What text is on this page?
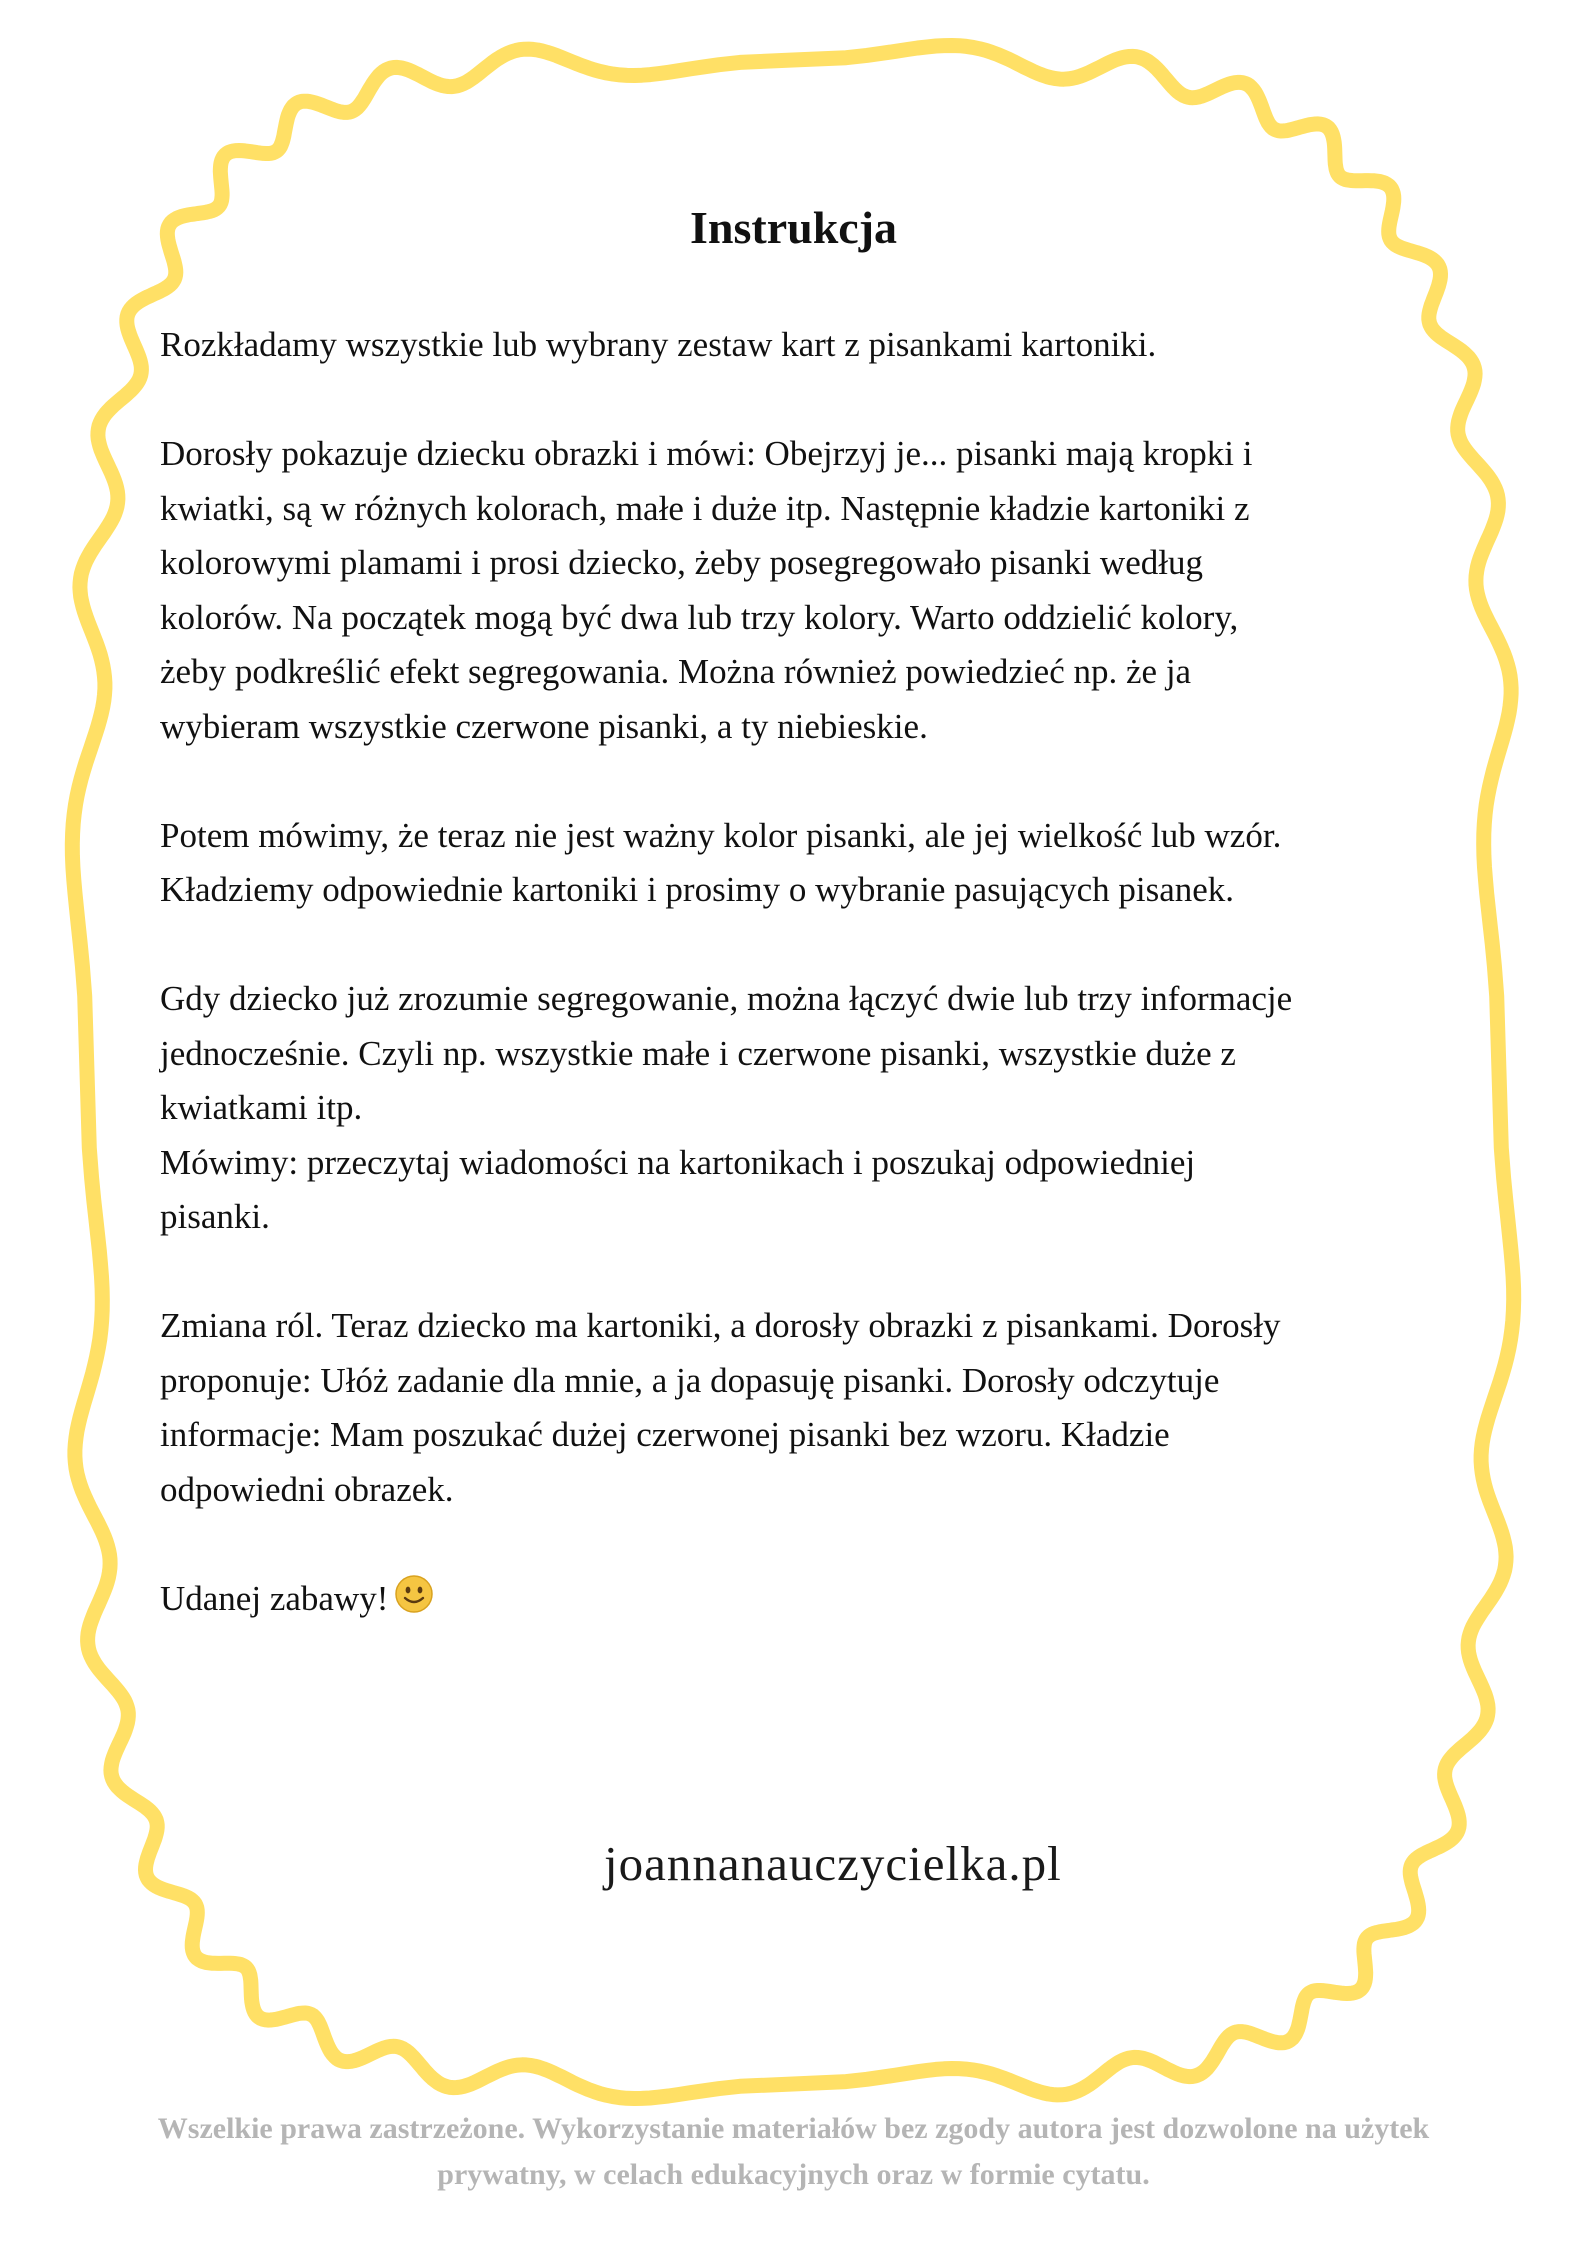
Instrukcja

Rozkładamy wszystkie lub wybrany zestaw kart z pisankami kartoniki.

Dorosły pokazuje dziecku obrazki i mówi: Obejrzyj je... pisanki mają kropki i
kwiatki, są w różnych kolorach, małe i duże itp. Następnie kładzie kartoniki z
kolorowymi plamami i prosi dziecko, żeby posegregowało pisanki według
kolorów. Na początek mogą być dwa lub trzy kolory. Warto oddzielić kolory,
żeby podkreślić efekt segregowania. Można również powiedzieć np. że ja
wybieram wszystkie czerwone pisanki, a ty niebieskie.

Potem mówimy, że teraz nie jest ważny kolor pisanki, ale jej wielkość lub wzór.
Kładziemy odpowiednie kartoniki i prosimy o wybranie pasujących pisanek.

Gdy dziecko już zrozumie segregowanie, można łączyć dwie lub trzy informacje
jednocześnie. Czyli np. wszystkie małe i czerwone pisanki, wszystkie duże z
kwiatkami itp.

Mówimy: przeczytaj wiadomości na kartonikach i poszukaj odpowiedniej
pisanki.

Zmiana ról. Teraz dziecko ma kartoniki, a dorosły obrazki z pisankami. Dorosły
proponuje: Ułóż zadanie dla mnie, a ja dopasuję pisanki. Dorosły odczytuje
informacje: Mam poszukać dużej czerwonej pisanki bez wzoru. Kładzie
odpowiedni obrazek.

Udanej zabawy!

joannanauczycielka.pl
Wszelkie prawa zastrzeżone. Wykorzystanie materiałów bez zgody autora jest dozwolone na użytek
prywatny, w celach edukacyjnych oraz w formie cytatu.
